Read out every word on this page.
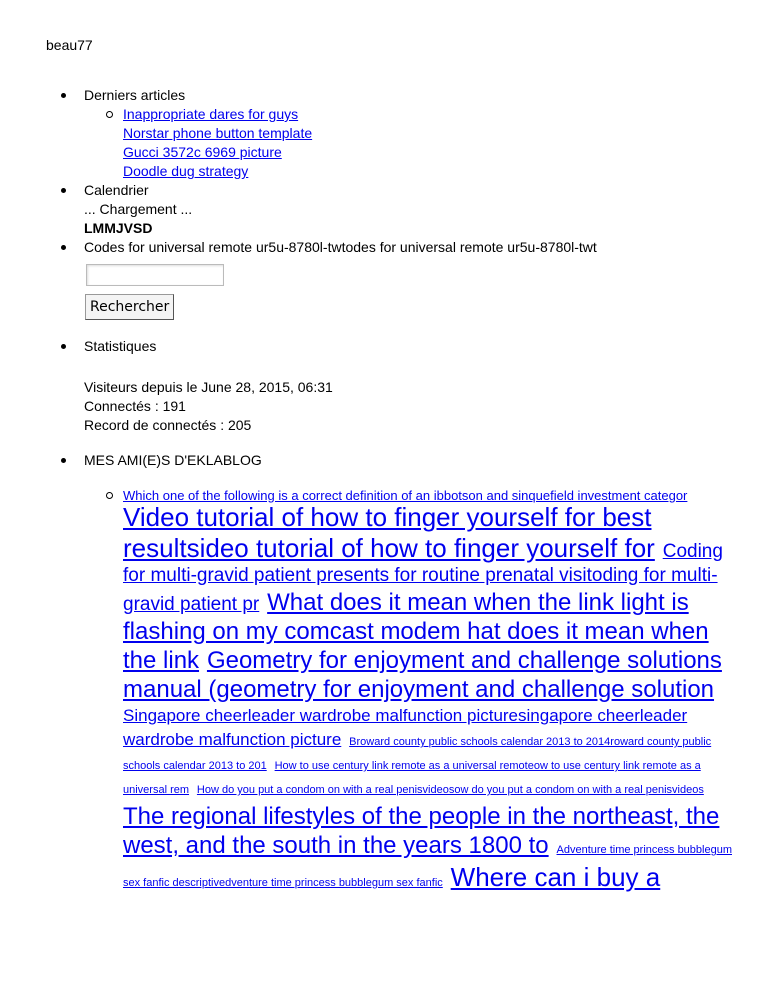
beau77
Derniers articles
Inappropriate dares for guys
Norstar phone button template
Gucci 3572c 6969 picture
Doodle dug strategy
Calendrier
... Chargement ...
LMMJVSD
Codes for universal remote ur5u-8780l-twtodes for universal remote ur5u-8780l-twt
Rechercher
Statistiques
Visiteurs depuis le June 28, 2015, 06:31
Connectés : 191
Record de connectés : 205
MES AMI(E)S D'EKLABLOG
Which one of the following is a correct definition of an ibbotson and sinquefield investment categor Video tutorial of how to finger yourself for best resultsideo tutorial of how to finger yourself for Coding for multi-gravid patient presents for routine prenatal visitoding for multi-gravid patient pr What does it mean when the link light is flashing on my comcast modem hat does it mean when the link Geometry for enjoyment and challenge solutions manual (geometry for enjoyment and challenge solution Singapore cheerleader wardrobe malfunction picturesingapore cheerleader wardrobe malfunction picture Broward county public schools calendar 2013 to 2014roward county public schools calendar 2013 to 201 How to use century link remote as a universal remoteow to use century link remote as a universal rem How do you put a condom on with a real penisvideosow do you put a condom on with a real penisvideos The regional lifestyles of the people in the northeast, the west, and the south in the years 1800 to Adventure time princess bubblegum sex fanfic descriptivedventure time princess bubblegum sex fanfic Where can i buy a
